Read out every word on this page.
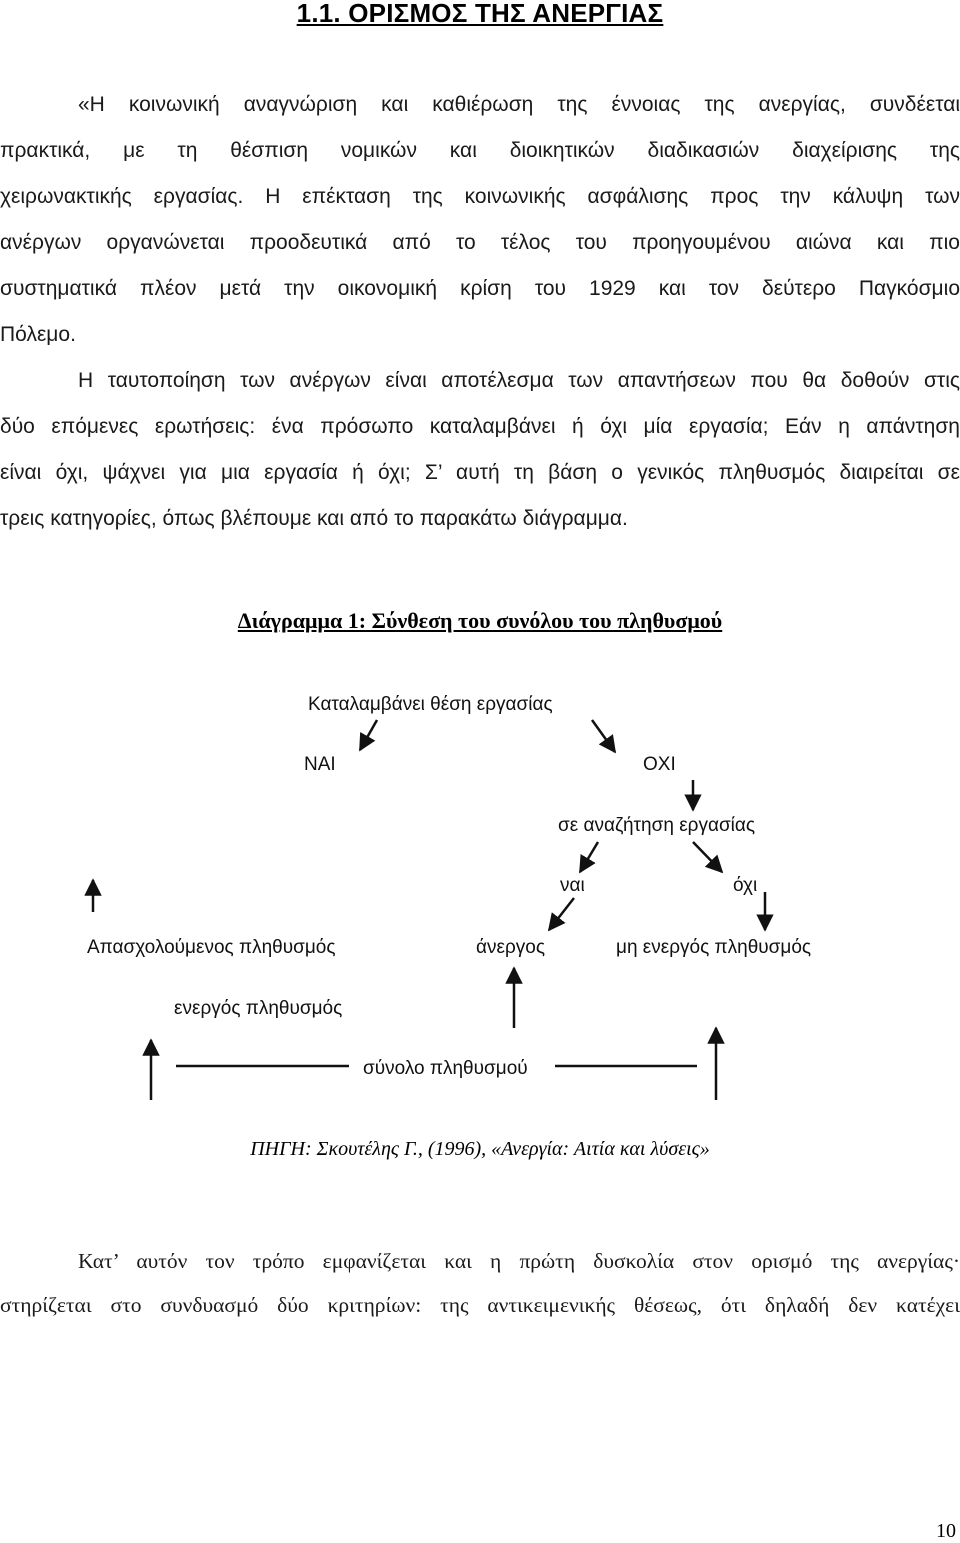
1.1. ΟΡΙΣΜΟΣ ΤΗΣ ΑΝΕΡΓΙΑΣ
«Η κοινωνική αναγνώριση και καθιέρωση της έννοιας της ανεργίας, συνδέεται
πρακτικά, με τη θέσπιση νομικών και διοικητικών διαδικασιών διαχείρισης της
χειρωνακτικής εργασίας. Η επέκταση της κοινωνικής ασφάλισης προς την κάλυψη των
ανέργων οργανώνεται προοδευτικά από το τέλος του προηγουμένου αιώνα και πιο
συστηματικά πλέον μετά την οικονομική κρίση του 1929 και τον δεύτερο Παγκόσμιο
Πόλεμο.
Η ταυτοποίηση των ανέργων είναι αποτέλεσμα των απαντήσεων που θα δοθούν στις
δύο επόμενες ερωτήσεις: ένα πρόσωπο καταλαμβάνει ή όχι μία εργασία; Εάν η απάντηση
είναι όχι, ψάχνει για μια εργασία ή όχι; Σ’ αυτή τη βάση ο γενικός πληθυσμός διαιρείται σε
τρεις κατηγορίες, όπως βλέπουμε και από το παρακάτω διάγραμμα.
Διάγραμμα 1: Σύνθεση του συνόλου του πληθυσμού
Καταλαμβάνει θέση εργασίας
ΝΑΙ	ΟΧΙ
σε αναζήτηση εργασίας
ναι	όχι
Απασχολούμενος πληθυσμός	άνεργος	μη ενεργός πληθυσμός
ενεργός πληθυσμός
σύνολο πληθυσμού
ΠΗΓΗ: Σκουτέλης Γ., (1996), «Ανεργία: Αιτία και λύσεις»
Κατ’ αυτόν τον τρόπο εμφανίζεται και η πρώτη δυσκολία στον ορισμό της ανεργίας·
στηρίζεται στο συνδυασμό δύο κριτηρίων: της αντικειμενικής θέσεως, ότι δηλαδή δεν κατέχει
10
